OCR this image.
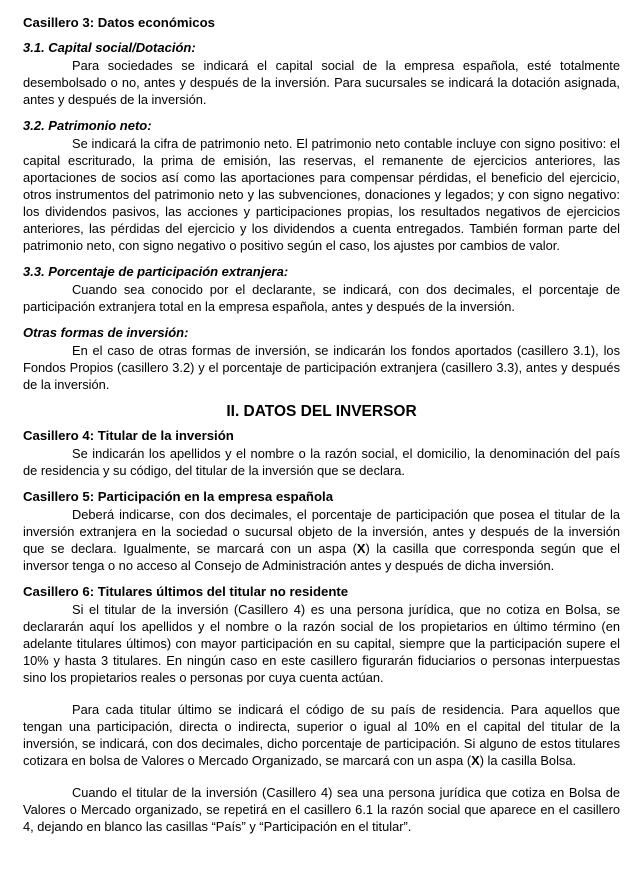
Casillero 3: Datos económicos
3.1. Capital social/Dotación:

Para sociedades se indicará el capital social de la empresa española, esté totalmente desembolsado o no, antes y después de la inversión. Para sucursales se indicará la dotación asignada, antes y después de la inversión.

3.2. Patrimonio neto:

Se indicará la cifra de patrimonio neto. El patrimonio neto contable incluye con signo positivo: el capital escriturado, la prima de emisión, las reservas, el remanente de ejercicios anteriores, las aportaciones de socios así como las aportaciones para compensar pérdidas, el beneficio del ejercicio, otros instrumentos del patrimonio neto y las subvenciones, donaciones y legados; y con signo negativo: los dividendos pasivos, las acciones y participaciones propias, los resultados negativos de ejercicios anteriores, las pérdidas del ejercicio y los dividendos a cuenta entregados. También forman parte del patrimonio neto, con signo negativo o positivo según el caso, los ajustes por cambios de valor.

3.3. Porcentaje de participación extranjera:

Cuando sea conocido por el declarante, se indicará, con dos decimales, el porcentaje de participación extranjera total en la empresa española, antes y después de la inversión.

Otras formas de inversión:

En el caso de otras formas de inversión, se indicarán los fondos aportados (casillero 3.1), los Fondos Propios (casillero 3.2) y el porcentaje de participación extranjera (casillero 3.3), antes y después de la inversión.

II. DATOS DEL INVERSOR
Casillero 4: Titular de la inversión

Se indicarán los apellidos y el nombre o la razón social, el domicilio, la denominación del país de residencia y su código, del titular de la inversión que se declara.

Casillero 5: Participación en la empresa española

Deberá indicarse, con dos decimales, el porcentaje de participación que posea el titular de la inversión extranjera en la sociedad o sucursal objeto de la inversión, antes y después de la inversión que se declara. Igualmente, se marcará con un aspa (X) la casilla que corresponda según que el inversor tenga o no acceso al Consejo de Administración antes y después de dicha inversión.

Casillero 6: Titulares últimos del titular no residente

Si el titular de la inversión (Casillero 4) es una persona jurídica, que no cotiza en Bolsa, se declararán aquí los apellidos y el nombre o la razón social de los propietarios en último término (en adelante titulares últimos) con mayor participación en su capital, siempre que la participación supere el 10% y hasta 3 titulares. En ningún caso en este casillero figurarán fiduciarios o personas interpuestas sino los propietarios reales o personas por cuya cuenta actúan.

Para cada titular último se indicará el código de su país de residencia. Para aquellos que tengan una participación, directa o indirecta, superior o igual al 10% en el capital del titular de la inversión, se indicará, con dos decimales, dicho porcentaje de participación. Si alguno de estos titulares cotizara en bolsa de Valores o Mercado Organizado, se marcará con un aspa (X) la casilla Bolsa.

Cuando el titular de la inversión (Casillero 4) sea una persona jurídica que cotiza en Bolsa de Valores o Mercado organizado, se repetirá en el casillero 6.1 la razón social que aparece en el casillero 4, dejando en blanco las casillas “País” y “Participación en el titular”.
